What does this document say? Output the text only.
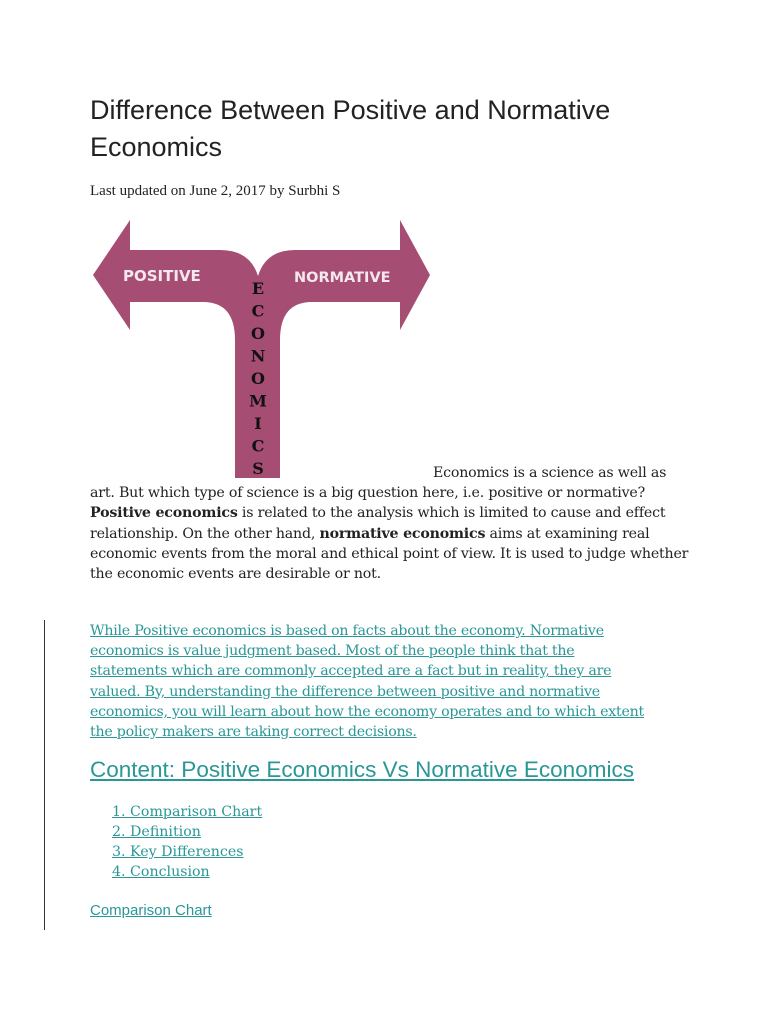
Difference Between Positive and Normative Economics
Last updated on June 2, 2017 by Surbhi S
POSITIVE	NORMATIVE
E
C
O
N
O
M
I
C
S	Economics is a science as well as art. But which type of science is a big question here, i.e. positive or normative? Positive economics is related to the analysis which is limited to cause and effect relationship. On the other hand, normative economics aims at examining real economic events from the moral and ethical point of view. It is used to judge whether the economic events are desirable or not.
While Positive economics is based on facts about the economy. Normative economics is value judgment based. Most of the people think that the statements which are commonly accepted are a fact but in reality, they are valued. By, understanding the difference between positive and normative economics, you will learn about how the economy operates and to which extent the policy makers are taking correct decisions.
Content: Positive Economics Vs Normative Economics
1. Comparison Chart
2. Definition
3. Key Differences
4. Conclusion
Comparison Chart
